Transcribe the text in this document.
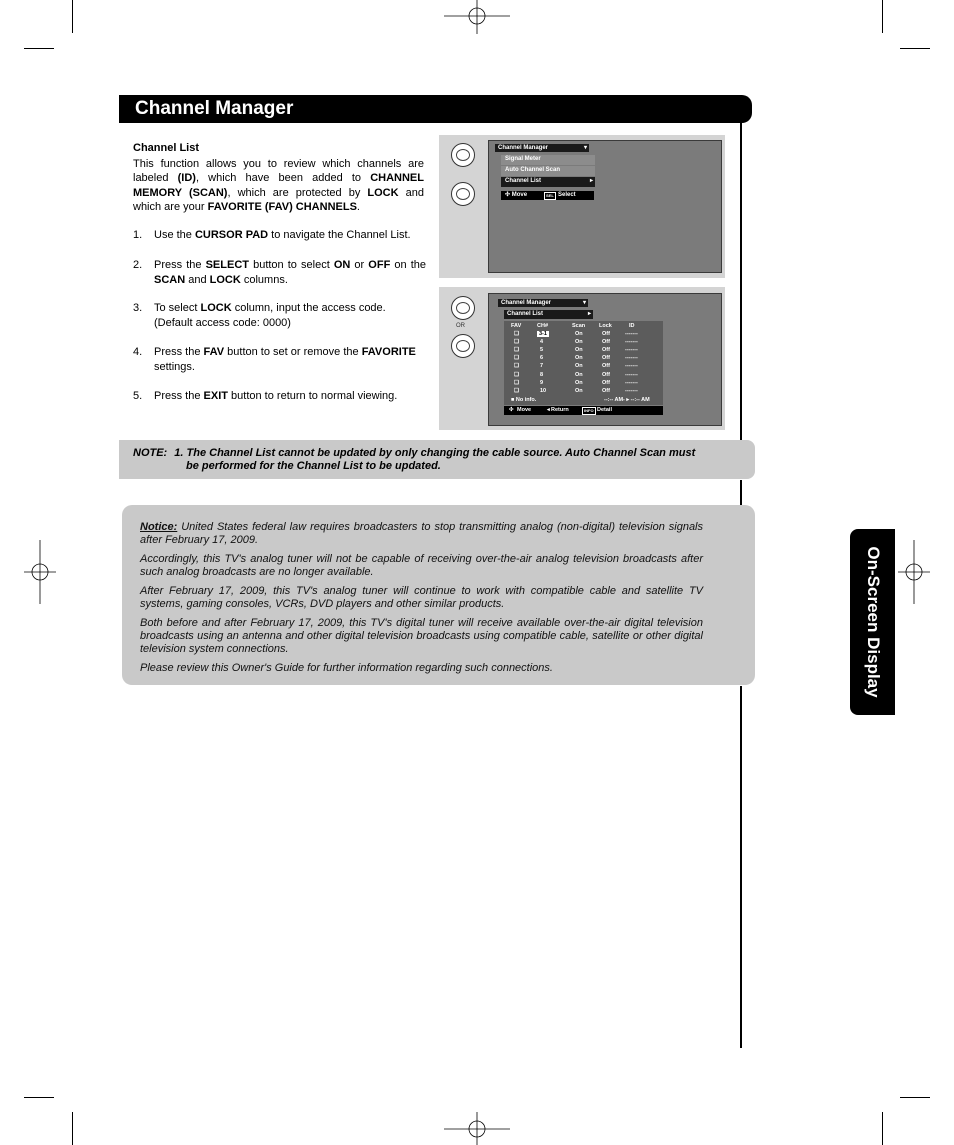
Channel Manager
On-Screen Display

Channel List

This function allows you to review which channels are labeled (ID), which have been added to CHANNEL MEMORY (SCAN), which are protected by LOCK and which are your FAVORITE (FAV) CHANNELS.

1. Use the CURSOR PAD to navigate the Channel List.
2. Press the SELECT button to select ON or OFF on the SCAN and LOCK columns.
3. To select LOCK column, input the access code. (Default access code: 0000)
4. Press the FAV button to set or remove the FAVORITE settings.
5. Press the EXIT button to return to normal viewing.
Channel Manager	▾
Signal Meter
Auto Channel Scan
Channel List	▸
✣ Move	SEL Select
OR
Channel Manager	▾
Channel List	▸
FAV	CH#	Scan	Lock	ID
❑	3-1	On	Off	-------
❑	4	On	Off	-------
❑	5	On	Off	-------
❑	6	On	Off	-------
❑	7	On	Off	-------
❑	8	On	Off	-------
❑	9	On	Off	-------
❑	10	On	Off	-------
■ No info.	--:-- AM- ▸ --:-- AM
✣ Move	◂ Return	INFO Detail
NOTE: 1. The Channel List cannot be updated by only changing the cable source. Auto Channel Scan must
be performed for the Channel List to be updated.
Notice: United States federal law requires broadcasters to stop transmitting analog (non-digital) television signals after February 17, 2009.
Accordingly, this TV's analog tuner will not be capable of receiving over-the-air analog television broadcasts after such analog broadcasts are no longer available.
After February 17, 2009, this TV's analog tuner will continue to work with compatible cable and satellite TV systems, gaming consoles, VCRs, DVD players and other similar products.
Both before and after February 17, 2009, this TV's digital tuner will receive available over-the-air digital television broadcasts using an antenna and other digital television broadcasts using compatible cable, satellite or other digital television system connections.
Please review this Owner's Guide for further information regarding such connections.
